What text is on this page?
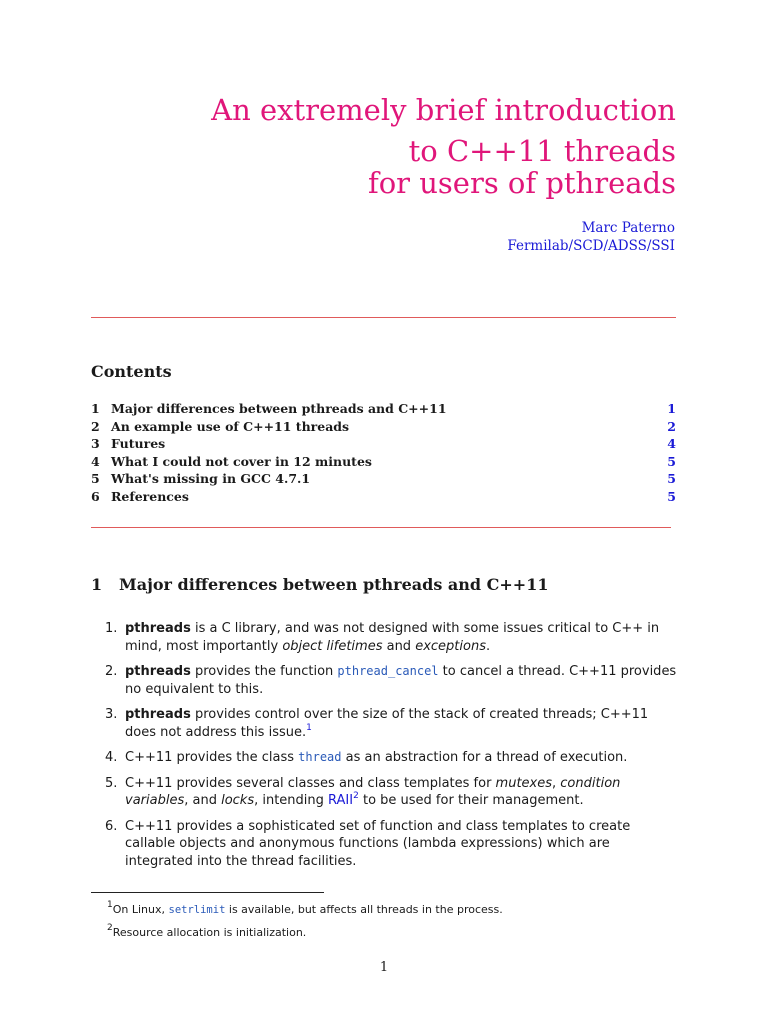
An extremely brief introduction
to C++11 threads
for users of pthreads
Marc Paterno
Fermilab/SCD/ADSS/SSI
Contents
1 Major differences between pthreads and C++11	1
2 An example use of C++11 threads	2
3 Futures	4
4 What I could not cover in 12 minutes	5
5 What's missing in GCC 4.7.1	5
6 References	5
1 Major differences between pthreads and C++11
1. pthreads is a C library, and was not designed with some issues critical to C++ in mind, most importantly object lifetimes and exceptions.
2. pthreads provides the function pthread_cancel to cancel a thread. C++11 provides no equivalent to this.
3. pthreads provides control over the size of the stack of created threads; C++11 does not address this issue.$^1$
4. C++11 provides the class thread as an abstraction for a thread of execution.
5. C++11 provides several classes and class templates for mutexes, condition variables, and locks, intending RAII$^2$ to be used for their management.
6. C++11 provides a sophisticated set of function and class templates to create callable objects and anonymous functions (lambda expressions) which are integrated into the thread facilities.
$^1$On Linux, setrlimit is available, but affects all threads in the process.
$^2$Resource allocation is initialization.
1
